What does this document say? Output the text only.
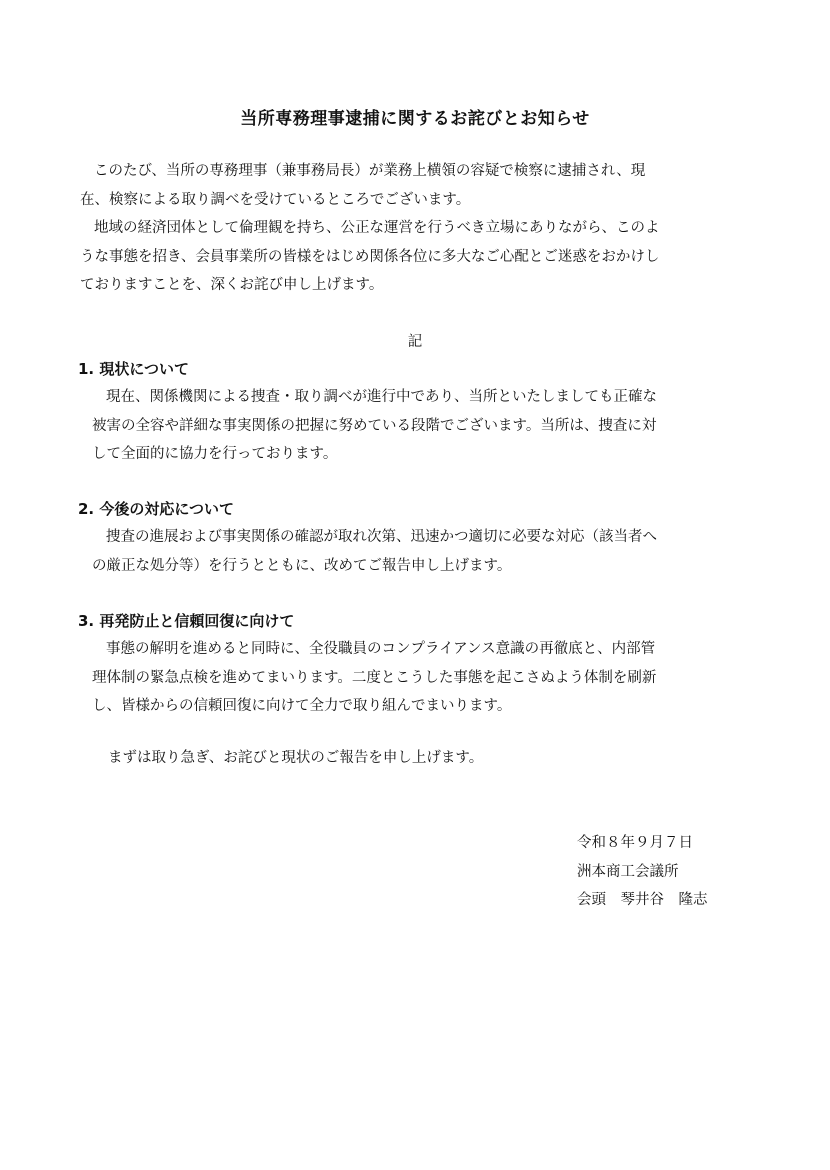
当所専務理事逮捕に関するお詫びとお知らせ
このたび、当所の専務理事（兼事務局長）が業務上横領の容疑で検察に逮捕され、現
在、検察による取り調べを受けているところでございます。
地域の経済団体として倫理観を持ち、公正な運営を行うべき立場にありながら、このよ
うな事態を招き、会員事業所の皆様をはじめ関係各位に多大なご心配とご迷惑をおかけし
ておりますことを、深くお詫び申し上げます。
記
1. 現状について
現在、関係機関による捜査・取り調べが進行中であり、当所といたしましても正確な
被害の全容や詳細な事実関係の把握に努めている段階でございます。当所は、捜査に対
して全面的に協力を行っております。
2. 今後の対応について
捜査の進展および事実関係の確認が取れ次第、迅速かつ適切に必要な対応（該当者へ
の厳正な処分等）を行うとともに、改めてご報告申し上げます。
3. 再発防止と信頼回復に向けて
事態の解明を進めると同時に、全役職員のコンプライアンス意識の再徹底と、内部管
理体制の緊急点検を進めてまいります。二度とこうした事態を起こさぬよう体制を刷新
し、皆様からの信頼回復に向けて全力で取り組んでまいります。
まずは取り急ぎ、お詫びと現状のご報告を申し上げます。
令和８年９月７日
洲本商工会議所
会頭　琴井谷　隆志
